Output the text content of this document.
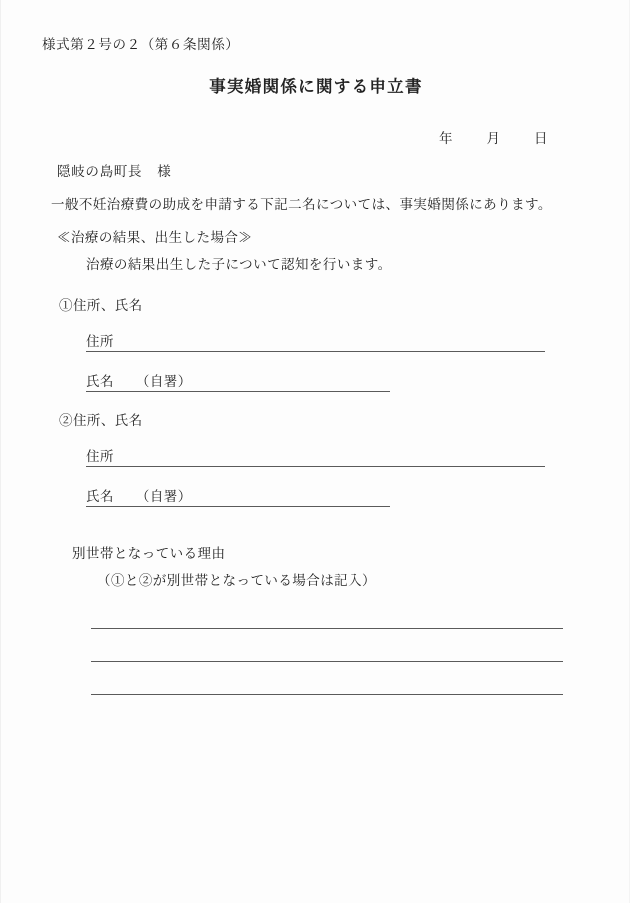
様式第２号の２（第６条関係）
事実婚関係に関する申立書
年	月	日
隠岐の島町長 様
一般不妊治療費の助成を申請する下記二名については、事実婚関係にあります。
≪治療の結果、出生した場合≫
治療の結果出生した子について認知を行います。
①住所、氏名
住所
氏名 （自署）
②住所、氏名
住所
氏名 （自署）
別世帯となっている理由
（①と②が別世帯となっている場合は記入）
